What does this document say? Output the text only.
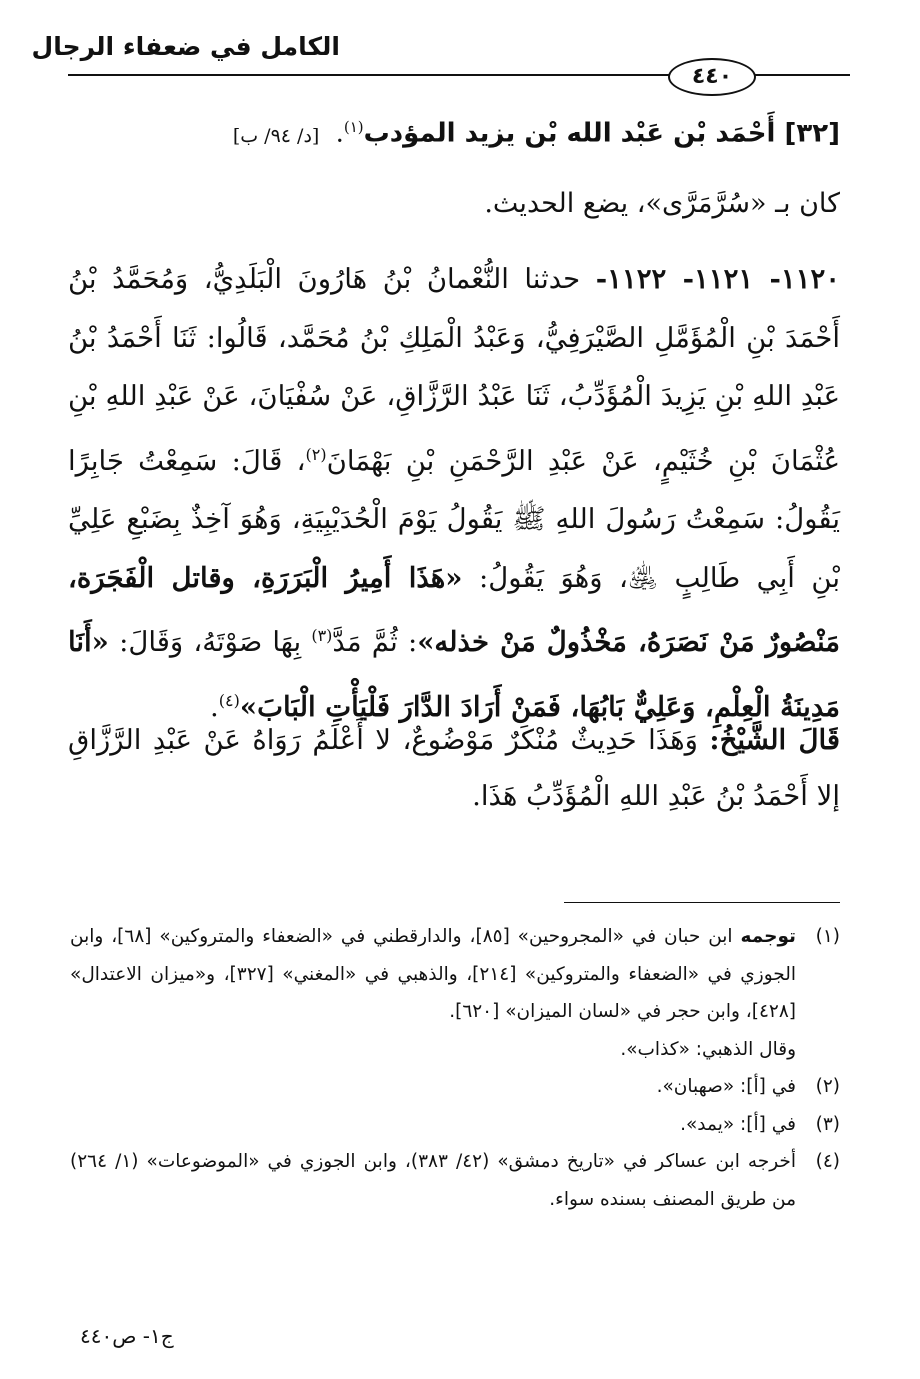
الكامل في ضعفاء الرجال
٤٤٠
[٣٢] أَحْمَد بْن عَبْد الله بْن يزيد المؤدب$^{(١)}$. [د/ ٩٤/ ب]
كان بـ «سُرَّمَرَّى»، يضع الحديث.

١١٢٠- ١١٢١- ١١٢٢- حدثنا النُّعْمانُ بْنُ هَارُونَ الْبَلَدِيُّ، وَمُحَمَّدُ بْنُ أَحْمَدَ بْنِ الْمُؤَمَّلِ الصَّيْرَفِيُّ، وَعَبْدُ الْمَلِكِ بْنُ مُحَمَّد، قَالُوا: ثَنَا أَحْمَدُ بْنُ عَبْدِ اللهِ بْنِ يَزِيدَ الْمُؤَدِّبُ، ثَنَا عَبْدُ الرَّزَّاقِ، عَنْ سُفْيَانَ، عَنْ عَبْدِ اللهِ بْنِ عُثْمَانَ بْنِ خُثَيْمٍ، عَنْ عَبْدِ الرَّحْمَنِ بْنِ بَهْمَانَ$^{(٢)}$، قَالَ: سَمِعْتُ جَابِرًا يَقُولُ: سَمِعْتُ رَسُولَ اللهِ ﷺ يَقُولُ يَوْمَ الْحُدَيْبِيَةِ، وَهُوَ آخِذٌ بِضَبْعِ عَلِيِّ بْنِ أَبِي طَالِبٍ ﵁، وَهُوَ يَقُولُ: «هَذَا أَمِيرُ الْبَرَرَةِ، وقاتل الْفَجَرَة، مَنْصُورٌ مَنْ نَصَرَهُ، مَخْذُولٌ مَنْ خذله»: ثُمَّ مَدَّ$^{(٣)}$ بِهَا صَوْتَهُ، وَقَالَ: «أَنَا مَدِينَةُ الْعِلْمِ، وَعَلِيٌّ بَابُهَا، فَمَنْ أَرَادَ الدَّارَ فَلْيَأْتِ الْبَابَ»$^{(٤)}$.

قَالَ الشَّيْخُ: وَهَذَا حَدِيثٌ مُنْكَرٌ مَوْضُوعٌ، لا أَعْلَمُ رَوَاهُ عَنْ عَبْدِ الرَّزَّاقِ إلا أَحْمَدُ بْنُ عَبْدِ اللهِ الْمُؤَدِّبُ هَذَا.

(١)
توجمه ابن حبان في «المجروحين» [٨٥]، والدارقطني في «الضعفاء والمتروكين» [٦٨]، وابن الجوزي في «الضعفاء والمتروكين» [٢١٤]، والذهبي في «المغني» [٣٢٧]، و«ميزان الاعتدال» [٤٢٨]، وابن حجر في «لسان الميزان» [٦٢٠].

وقال الذهبي: «كذاب».

(٢)
في [أ]: «صهبان».

(٣)
في [أ]: «يمد».

(٤)
أخرجه ابن عساكر في «تاريخ دمشق» (٤٢/ ٣٨٣)، وابن الجوزي في «الموضوعات» (١/ ٢٦٤) من طريق المصنف بسنده سواء.

ج١- ص٤٤٠
